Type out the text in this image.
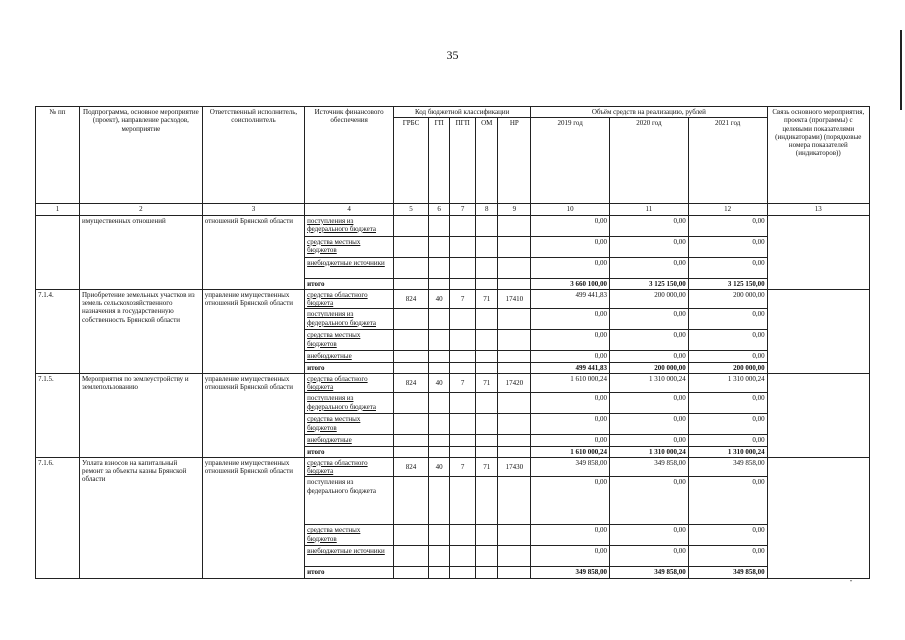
35
№ пп	Подпрограмма, основное мероприятие (проект), направление расходов, мероприятие	Ответственный исполнитель, соисполнитель	Источник финансового обеспечения	Код бюджетной классификации					Объём средств на реализацию, рублей			Связь основного мероприятия, проекта (программы) с целевыми показателями (индикаторами) (порядковые номера показателей (индикаторов))
				ГРБС	ГП	ПГП	ОМ	НР	2019 год	2020 год	2021 год	
1	2	3	4	5	6	7	8	9	10	11	12	13
	имущественных отношений	отношений Брянской области	поступления из федерального бюджета						0,00	0,00	0,00	
			средства местных бюджетов						0,00	0,00	0,00	
			внебюджетные источники						0,00	0,00	0,00	
			итого						3 660 100,00	3 125 150,00	3 125 150,00	
7.1.4.	Приобретение земельных участков из земель сельскохозяйственного назначения в государственную собственность Брянской области	управление имущественных отношений Брянской области	средства областного бюджета	824	40	7	71	17410	499 441,83	200 000,00	200 000,00	
			поступления из федерального бюджета						0,00	0,00	0,00	
			средства местных бюджетов						0,00	0,00	0,00	
			внебюджетные						0,00	0,00	0,00	
			итого						499 441,83	200 000,00	200 000,00	
7.1.5.	Мероприятия по землеустройству и землепользованию	управление имущественных отношений Брянской области	средства областного бюджета	824	40	7	71	17420	1 610 000,24	1 310 000,24	1 310 000,24	
			поступления из федерального бюджета						0,00	0,00	0,00	
			средства местных бюджетов						0,00	0,00	0,00	
			внебюджетные						0,00	0,00	0,00	
			итого						1 610 000,24	1 310 000,24	1 310 000,24	
7.1.6.	Уплата взносов на капитальный ремонт за объекты казны Брянской области	управление имущественных отношений Брянской области	средства областного бюджета	824	40	7	71	17430	349 858,00	349 858,00	349 858,00	
			поступления из федерального бюджета						0,00	0,00	0,00	
			средства местных бюджетов						0,00	0,00	0,00	
			внебюджетные источники						0,00	0,00	0,00	
			итого						349 858,00	349 858,00	349 858,00	
"
